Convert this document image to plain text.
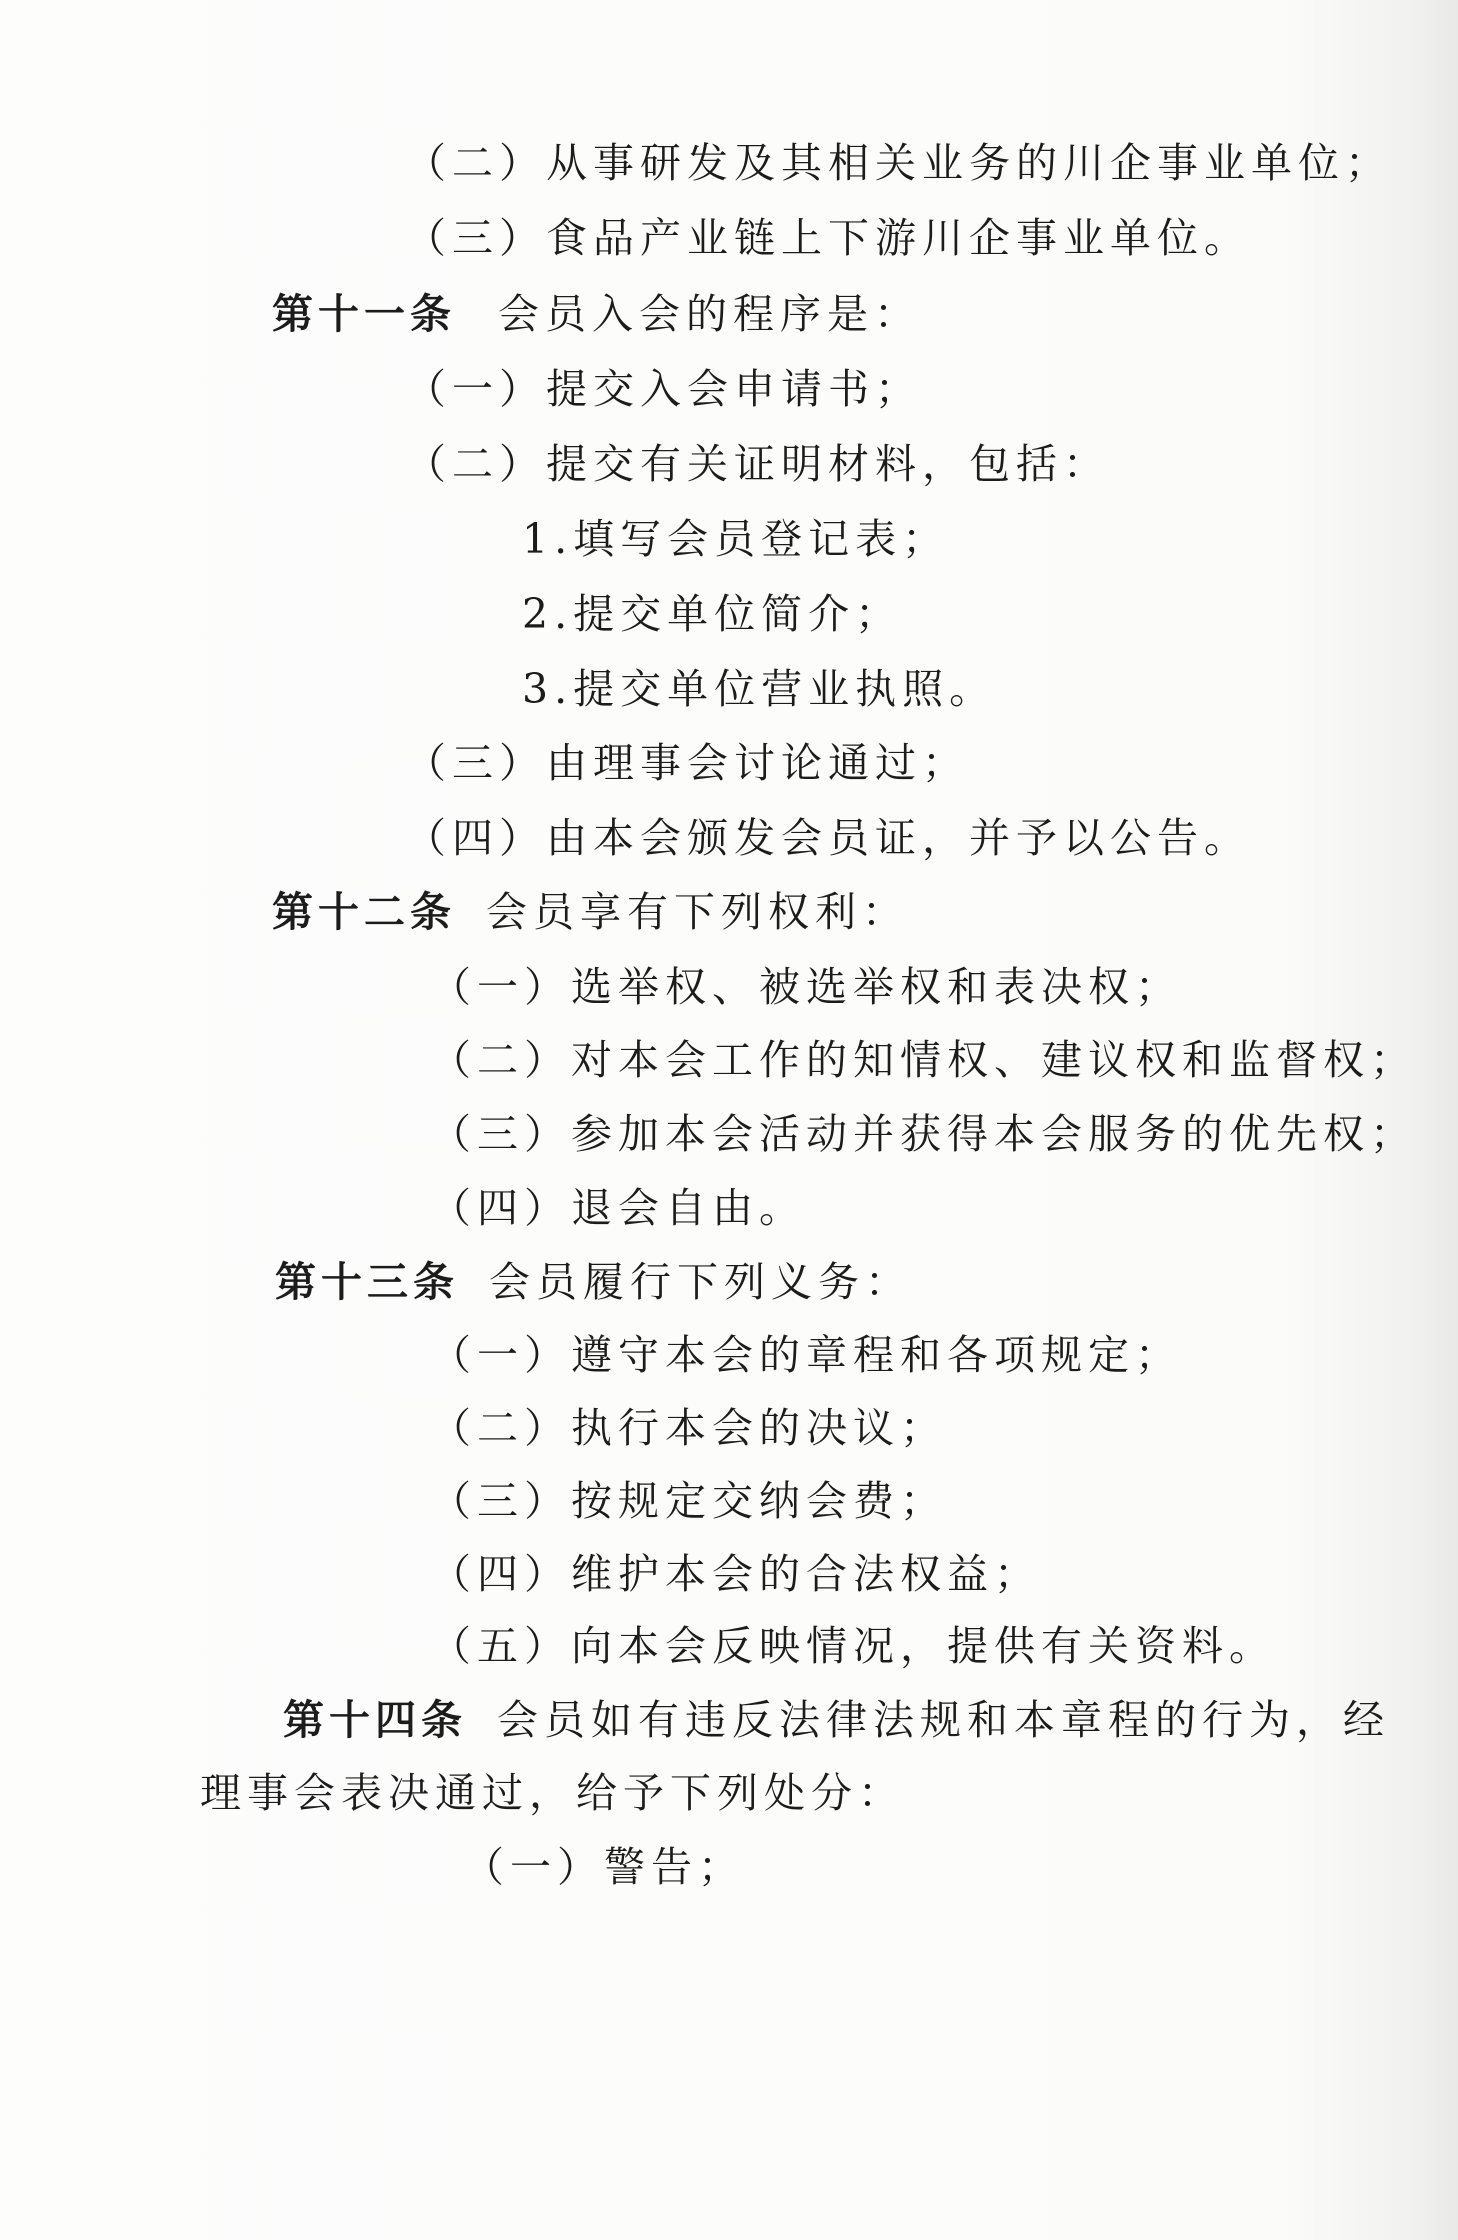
（二）从事研发及其相关业务的川企事业单位；
（三）食品产业链上下游川企事业单位。
第十一条 会员入会的程序是：
（一）提交入会申请书；
（二）提交有关证明材料，包括：
1.填写会员登记表；
2.提交单位简介；
3.提交单位营业执照。
（三）由理事会讨论通过；
（四）由本会颁发会员证，并予以公告。
第十二条 会员享有下列权利：
（一）选举权、被选举权和表决权；
（二）对本会工作的知情权、建议权和监督权；
（三）参加本会活动并获得本会服务的优先权；
（四）退会自由。
第十三条 会员履行下列义务：
（一）遵守本会的章程和各项规定；
（二）执行本会的决议；
（三）按规定交纳会费；
（四）维护本会的合法权益；
（五）向本会反映情况，提供有关资料。
第十四条 会员如有违反法律法规和本章程的行为，经
理事会表决通过，给予下列处分：
（一）警告；
